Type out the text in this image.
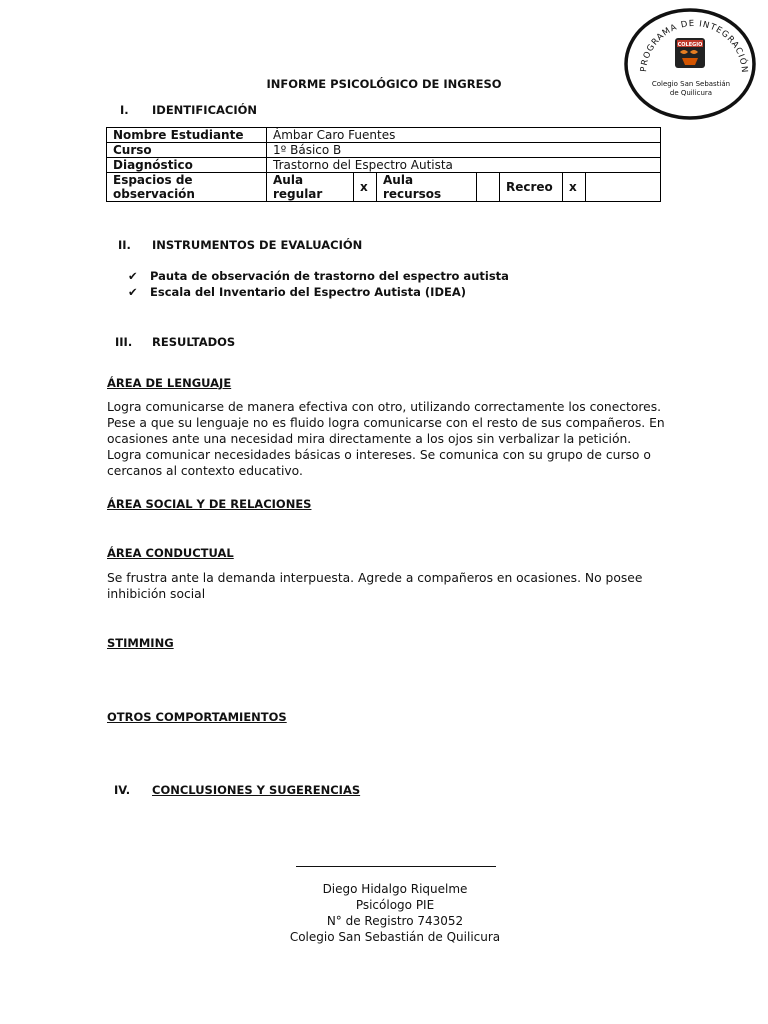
PROGRAMA DE INTEGRACIÓN
COLEGIO
Colegio San Sebastián
de Quilicura
INFORME PSICOLÓGICO DE INGRESO
I. IDENTIFICACIÓN
Nombre Estudiante	Ámbar Caro Fuentes						
Curso	1º Básico B						
Diagnóstico	Trastorno del Espectro Autista						
Espacios de observación	Aula regular	x	Aula recursos		Recreo	x	
II. INSTRUMENTOS DE EVALUACIÓN
✔ Pauta de observación de trastorno del espectro autista
✔ Escala del Inventario del Espectro Autista (IDEA)
III. RESULTADOS
ÁREA DE LENGUAJE
Logra comunicarse de manera efectiva con otro, utilizando correctamente los conectores. Pese a que su lenguaje no es fluido logra comunicarse con el resto de sus compañeros. En ocasiones ante una necesidad mira directamente a los ojos sin verbalizar la petición. Logra comunicar necesidades básicas o intereses. Se comunica con su grupo de curso o cercanos al contexto educativo.
ÁREA SOCIAL Y DE RELACIONES
ÁREA CONDUCTUAL
Se frustra ante la demanda interpuesta. Agrede a compañeros en ocasiones. No posee inhibición social
STIMMING
OTROS COMPORTAMIENTOS
IV. CONCLUSIONES Y SUGERENCIAS
Diego Hidalgo Riquelme
Psicólogo PIE
N° de Registro 743052
Colegio San Sebastián de Quilicura
